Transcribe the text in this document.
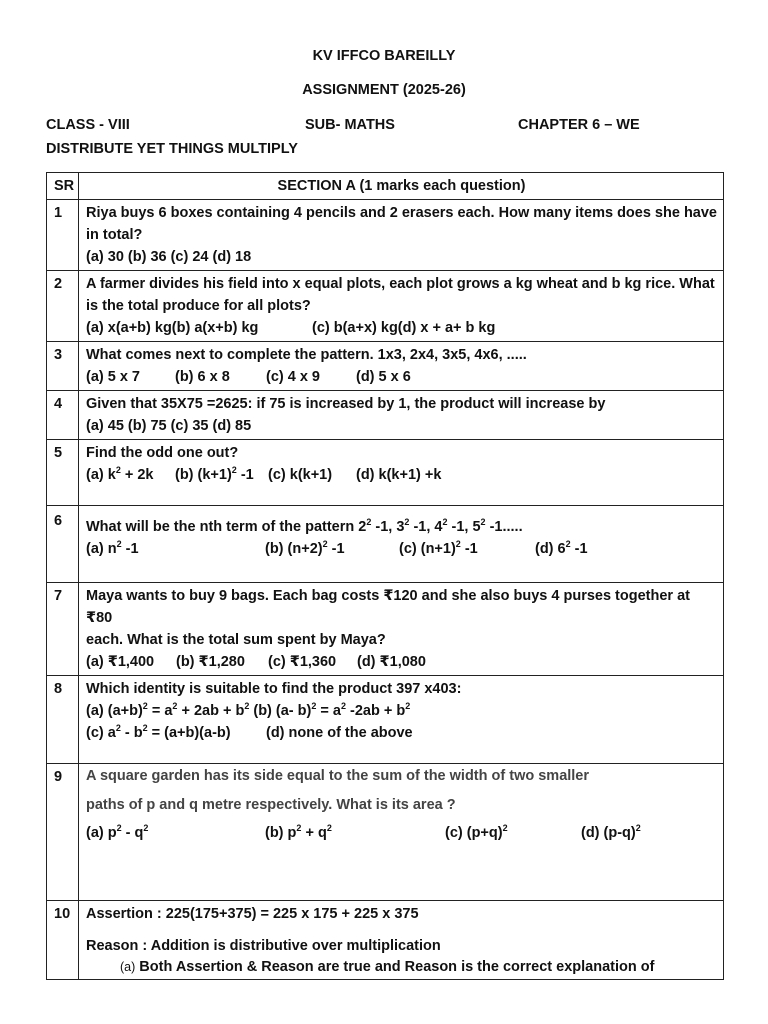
KV IFFCO BAREILLY
ASSIGNMENT (2025-26)
CLASS - VIII	SUB- MATHS	CHAPTER 6 – WE
DISTRIBUTE YET THINGS MULTIPLY
SR	SECTION A (1 marks each question)
1	Riya buys 6 boxes containing 4 pencils and 2 erasers each. How many items does she have in total?
(a) 30 (b) 36 (c) 24 (d) 18

2	A farmer divides his field into x equal plots, each plot grows a kg wheat and b kg rice. What is the total produce for all plots?
(a) x(a+b) kg(b) a(x+b) kg (c) b(a+x) kg(d) x + a+ b kg

3	What comes next to complete the pattern. 1x3, 2x4, 3x5, 4x6, .....
(a) 5 x 7 (b) 6 x 8 (c) 4 x 9 (d) 5 x 6

4	Given that 35X75 =2625: if 75 is increased by 1, the product will increase by
(a) 45 (b) 75 (c) 35 (d) 85

5	Find the odd one out?
(a) $k^2 + 2k$ (b) $(k+1)^2$ -1 (c) k(k+1) (d) k(k+1) +k

6	What will be the nth term of the pattern $2^2$ -1, $3^2$ -1, $4^2$ -1, $5^2$ -1.....
(a) $n^2$ -1 (b) $(n+2)^2$ -1 (c) $(n+1)^2$ -1 (d) $6^2$ -1

7	Maya wants to buy 9 bags. Each bag costs ₹120 and she also buys 4 purses together at ₹80
each. What is the total sum spent by Maya?
(a) ₹1,400 (b) ₹1,280 (c) ₹1,360 (d) ₹1,080

8	Which identity is suitable to find the product 397 x403:
(a) $(a+b)^2 = a^2 + 2ab + b^2$ (b) (a- $b)^2 = a^2$ $-2ab + b^2$
(c) $a^2 - b^2 = (a+b)(a-b)$ (d) none of the above

9	A square garden has its side equal to the sum of the width of two smaller
paths of p and q metre respectively. What is its area ?
(a) $p^2 - q^2$ (b) $p^2 + q^2$ (c) $(p+q)^2$ (d) $(p-q)^2$

10	Assertion : 225(175+375) = 225 x 175 + 225 x 375
Reason : Addition is distributive over multiplication
(a) Both Assertion & Reason are true and Reason is the correct explanation of
